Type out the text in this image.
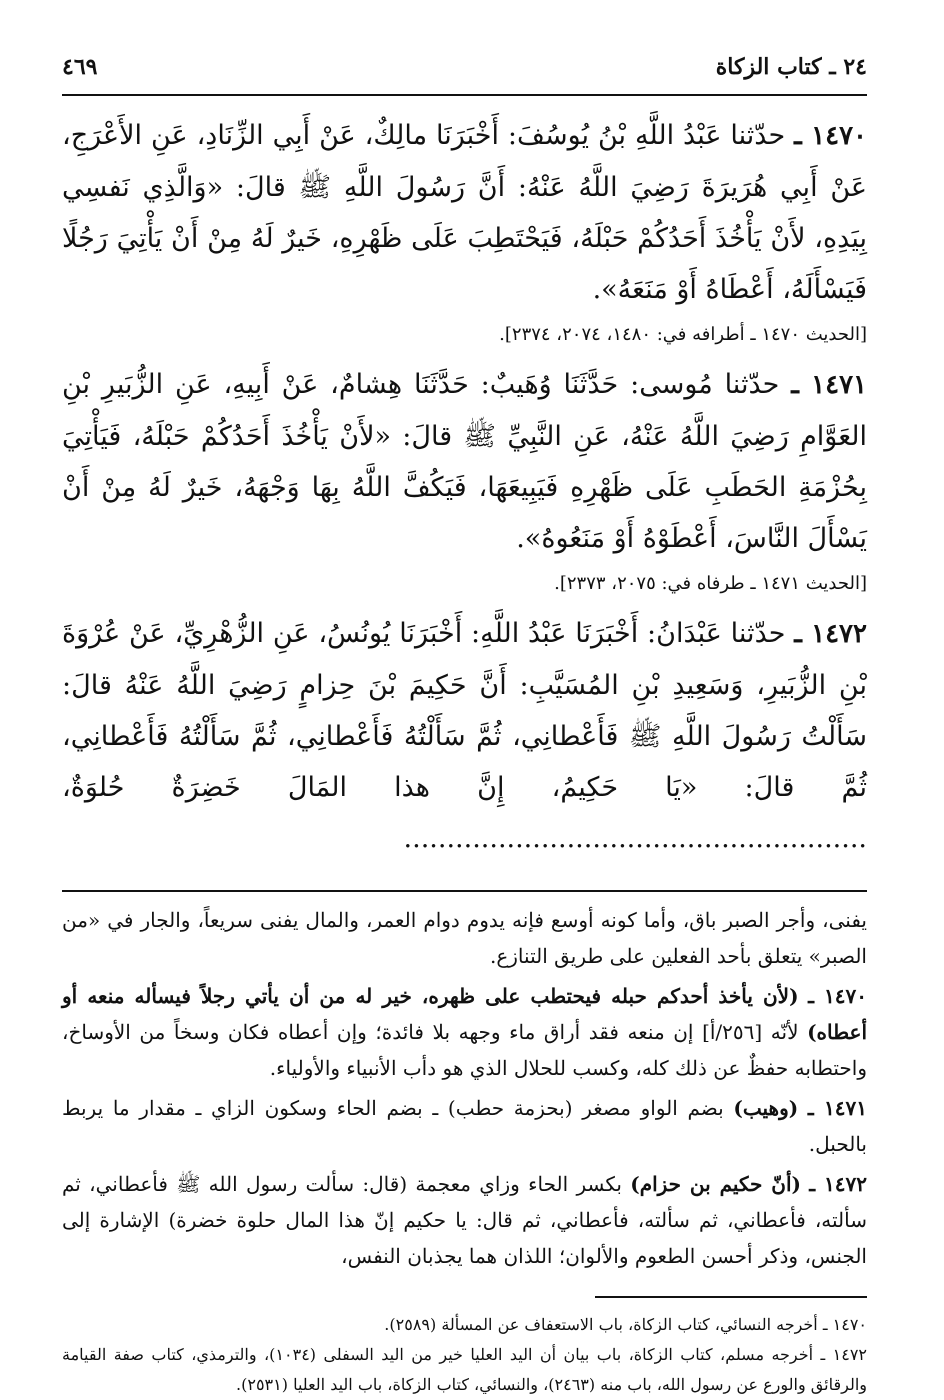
٢٤ ـ كتاب الزكاة
٤٦٩

١٤٧٠ ـ حدّثنا عَبْدُ اللَّهِ بْنُ يُوسُفَ: أَخْبَرَنَا مالِكٌ، عَنْ أَبِي الزِّنَادِ، عَنِ الأَعْرَجِ، عَنْ أَبِي هُرَيرَةَ رَضِيَ اللَّهُ عَنْهُ: أَنَّ رَسُولَ اللَّهِ ﷺ قالَ: «وَالَّذِي نَفسِي بِيَدِهِ، لأَنْ يَأْخُذَ أَحَدُكُمْ حَبْلَهُ، فَيَحْتَطِبَ عَلَى ظَهْرِهِ، خَيرٌ لَهُ مِنْ أَنْ يَأْتِيَ رَجُلًا فَيَسْأَلَهُ، أَعْطَاهُ أَوْ مَنَعَهُ».
[الحديث ١٤٧٠ ـ أطرافه في: ١٤٨٠، ٢٠٧٤، ٢٣٧٤].

١٤٧١ ـ حدّثنا مُوسى: حَدَّثَنَا وُهَيبٌ: حَدَّثَنَا هِشامٌ، عَنْ أَبِيهِ، عَنِ الزُّبَيرِ بْنِ العَوَّامِ رَضِيَ اللَّهُ عَنْهُ، عَنِ النَّبِيِّ ﷺ قالَ: «لأَنْ يَأْخُذَ أَحَدُكُمْ حَبْلَهُ، فَيَأْتِيَ بِحُزْمَةِ الحَطَبِ عَلَى ظَهْرِهِ فَيَبِيعَهَا، فَيَكُفَّ اللَّهُ بِهَا وَجْهَهُ، خَيرٌ لَهُ مِنْ أَنْ يَسْأَلَ النَّاسَ، أَعْطَوْهُ أَوْ مَنَعُوهُ».
[الحديث ١٤٧١ ـ طرفاه في: ٢٠٧٥، ٢٣٧٣].

١٤٧٢ ـ حدّثنا عَبْدَانُ: أَخْبَرَنَا عَبْدُ اللَّهِ: أَخْبَرَنَا يُونُسُ، عَنِ الزُّهْرِيِّ، عَنْ عُرْوَةَ بْنِ الزُّبَيرِ، وَسَعِيدِ بْنِ المُسَيَّبِ: أَنَّ حَكِيمَ بْنَ حِزامٍ رَضِيَ اللَّهُ عَنْهُ قالَ: سَأَلْتُ رَسُولَ اللَّهِ ﷺ فَأَعْطانِي، ثُمَّ سَأَلْتُهُ فَأَعْطانِي، ثُمَّ سَأَلْتُهُ فَأَعْطانِي، ثُمَّ قالَ: «يَا حَكِيمُ، إِنَّ هذا المَالَ خَضِرَةٌ حُلوَةٌ، ......................................................

يفنى، وأجر الصبر باق، وأما كونه أوسع فإنه يدوم دوام العمر، والمال يفنى سريعاً، والجار في «من الصبر» يتعلق بأحد الفعلين على طريق التنازع.

١٤٧٠ ـ (لأن يأخذ أحدكم حبله فيحتطب على ظهره، خير له من أن يأتي رجلاً فيسأله منعه أو أعطاه) لأنّه [٢٥٦/أ] إن منعه فقد أراق ماء وجهه بلا فائدة؛ وإن أعطاه فكان وسخاً من الأوساخ، واحتطابه حفظٌ عن ذلك كله، وكسب للحلال الذي هو دأب الأنبياء والأولياء.

١٤٧١ ـ (وهيب) بضم الواو مصغر (بحزمة حطب) ـ بضم الحاء وسكون الزاي ـ مقدار ما يربط بالحبل.

١٤٧٢ ـ (أنّ حكيم بن حزام) بكسر الحاء وزاي معجمة (قال: سألت رسول الله ﷺ فأعطاني، ثم سألته، فأعطاني، ثم سألته، فأعطاني، ثم قال: يا حكيم إنّ هذا المال حلوة خضرة) الإشارة إلى الجنس، وذكر أحسن الطعوم والألوان؛ اللذان هما يجذبان النفس،

١٤٧٠ ـ أخرجه النسائي، كتاب الزكاة، باب الاستعفاف عن المسألة (٢٥٨٩).

١٤٧٢ ـ أخرجه مسلم، كتاب الزكاة، باب بيان أن اليد العليا خير من اليد السفلى (١٠٣٤)، والترمذي، كتاب صفة القيامة والرقائق والورع عن رسول الله، باب منه (٢٤٦٣)، والنسائي، كتاب الزكاة، باب اليد العليا (٢٥٣١).
